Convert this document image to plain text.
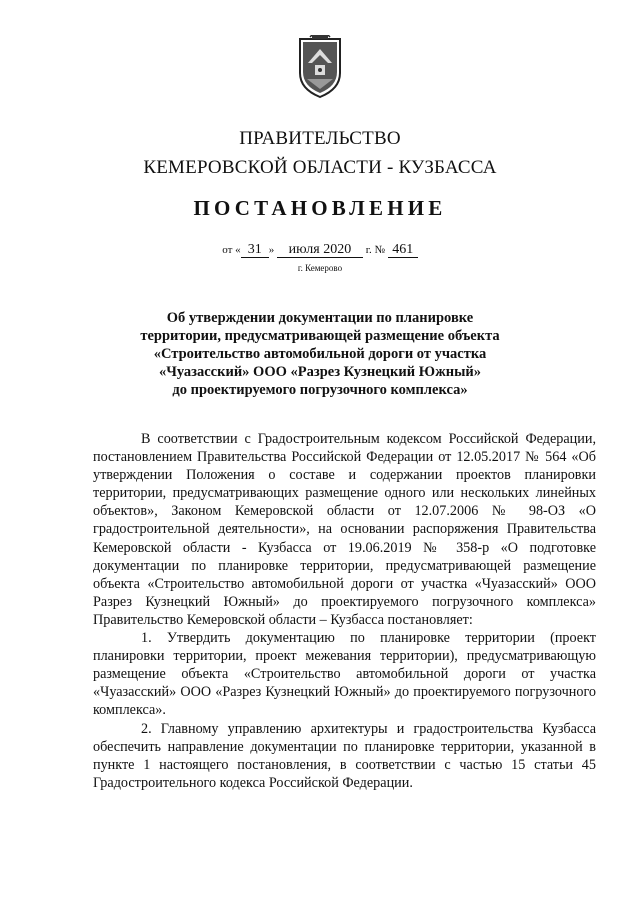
ПРАВИТЕЛЬСТВО
КЕМЕРОВСКОЙ ОБЛАСТИ - КУЗБАССА
ПОСТАНОВЛЕНИЕ
от « 31 » июля 2020 г. № 461
г. Кемерово
Об утверждении документации по планировке
территории, предусматривающей размещение объекта
«Строительство автомобильной дороги от участка
«Чуазасский» ООО «Разрез Кузнецкий Южный»
до проектируемого погрузочного комплекса»

В соответствии с Градостроительным кодексом Российской Федерации, постановлением Правительства Российской Федерации от 12.05.2017 № 564 «Об утверждении Положения о составе и содержании проектов планировки территории, предусматривающих размещение одного или нескольких линейных объектов», Законом Кемеровской области от 12.07.2006 № 98-ОЗ «О градостроительной деятельности», на основании распоряжения Правительства Кемеровской области - Кузбасса от 19.06.2019 № 358-р «О подготовке документации по планировке территории, предусматривающей размещение объекта «Строительство автомобильной дороги от участка «Чуазасский» ООО Разрез Кузнецкий Южный» до проектируемого погрузочного комплекса» Правительство Кемеровской области – Кузбасса постановляет:

1. Утвердить документацию по планировке территории (проект планировки территории, проект межевания территории), предусматривающую размещение объекта «Строительство автомобильной дороги от участка «Чуазасский» ООО «Разрез Кузнецкий Южный» до проектируемого погрузочного комплекса».

2. Главному управлению архитектуры и градостроительства Кузбасса обеспечить направление документации по планировке территории, указанной в пункте 1 настоящего постановления, в соответствии с частью 15 статьи 45 Градостроительного кодекса Российской Федерации.
